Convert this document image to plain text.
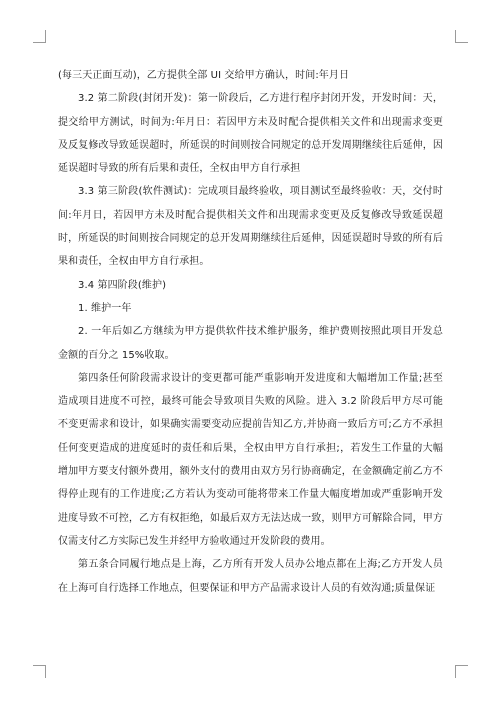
(每三天正面互动)，乙方提供全部 UI 交给甲方确认，时间:年月日

3.2 第二阶段(封闭开发)：第一阶段后，乙方进行程序封闭开发，开发时间：天，提交给甲方测试，时间为:年月日：若因甲方未及时配合提供相关文件和出现需求变更及反复修改导致延误超时，所延误的时间则按合同规定的总开发周期继续往后延伸，因延误超时导致的所有后果和责任，全权由甲方自行承担

3.3 第三阶段(软件测试)：完成项目最终验收，项目测试至最终验收：天，交付时间:年月日，若因甲方未及时配合提供相关文件和出现需求变更及反复修改导致延误超时，所延误的时间则按合同规定的总开发周期继续往后延伸，因延误超时导致的所有后果和责任，全权由甲方自行承担。

3.4 第四阶段(维护)

1. 维护一年

2. 一年后如乙方继续为甲方提供软件技术维护服务，维护费则按照此项目开发总金额的百分之 15%收取。

第四条任何阶段需求设计的变更都可能严重影响开发进度和大幅增加工作量;甚至造成项目进度不可控，最终可能会导致项目失败的风险。进入 3.2 阶段后甲方尽可能不变更需求和设计，如果确实需要变动应提前告知乙方,并协商一致后方可;乙方不承担任何变更造成的进度延时的责任和后果，全权由甲方自行承担;，若发生工作量的大幅增加甲方要支付额外费用，额外支付的费用由双方另行协商确定，在金额确定前乙方不得停止现有的工作进度;乙方若认为变动可能将带来工作量大幅度增加或严重影响开发进度导致不可控，乙方有权拒绝，如最后双方无法达成一致，则甲方可解除合同，甲方仅需支付乙方实际已发生并经甲方验收通过开发阶段的费用。

第五条合同履行地点是上海，乙方所有开发人员办公地点都在上海;乙方开发人员在上海可自行选择工作地点，但要保证和甲方产品需求设计人员的有效沟通;质量保证
